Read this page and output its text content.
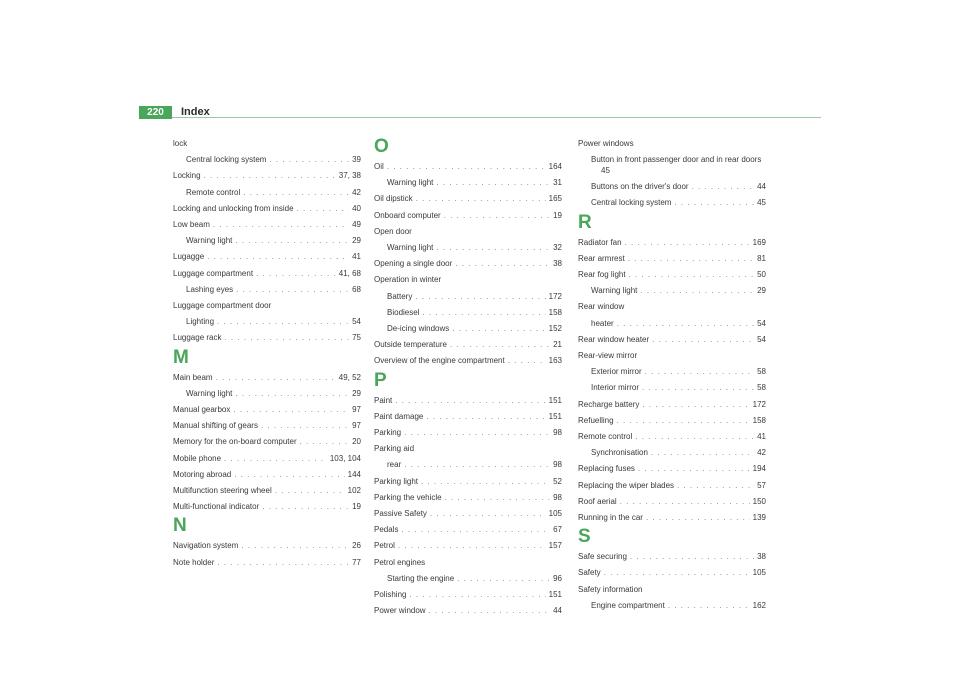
220	Index
lock
Central locking system . . .	39
Locking . . .	37, 38
Remote control . . .	42
Locking and unlocking from inside . . .	40
Low beam . . .	49
Warning light . . .	29
Lugagge . . .	41
Luggage compartment . . .	41, 68
Lashing eyes . . .	68
Luggage compartment door
Lighting . . .	54
Luggage rack . . .	75
M
Main beam . . .	49, 52
Warning light . . .	29
Manual gearbox . . .	97
Manual shifting of gears . . .	97
Memory for the on-board computer . . .	20
Mobile phone . . .	103, 104
Motoring abroad . . .	144
Multifunction steering wheel . . .	102
Multi-functional indicator . . .	19
N
Navigation system . . .	26
Note holder . . .	77
O
Oil . . .	164
Warning light . . .	31
Oil dipstick . . .	165
Onboard computer . . .	19
Open door
Warning light . . .	32
Opening a single door . . .	38
Operation in winter
Battery . . .	172
Biodiesel . . .	158
De-icing windows . . .	152
Outside temperature . . .	21
Overview of the engine compartment . . .	163
P
Paint . . .	151
Paint damage . . .	151
Parking . . .	98
Parking aid
rear . . .	98
Parking light . . .	52
Parking the vehicle . . .	98
Passive Safety . . .	105
Pedals . . .	67
Petrol . . .	157
Petrol engines
Starting the engine . . .	96
Polishing . . .	151
Power window . . .	44
Power windows
Button in front passenger door and in rear doors
45
Buttons on the driver's door . . .	44
Central locking system . . .	45
R
Radiator fan . . .	169
Rear armrest . . .	81
Rear fog light . . .	50
Warning light . . .	29
Rear window
heater . . .	54
Rear window heater . . .	54
Rear-view mirror
Exterior mirror . . .	58
Interior mirror . . .	58
Recharge battery . . .	172
Refuelling . . .	158
Remote control . . .	41
Synchronisation . . .	42
Replacing fuses . . .	194
Replacing the wiper blades . . .	57
Roof aerial . . .	150
Running in the car . . .	139
S
Safe securing . . .	38
Safety . . .	105
Safety information
Engine compartment . . .	162
